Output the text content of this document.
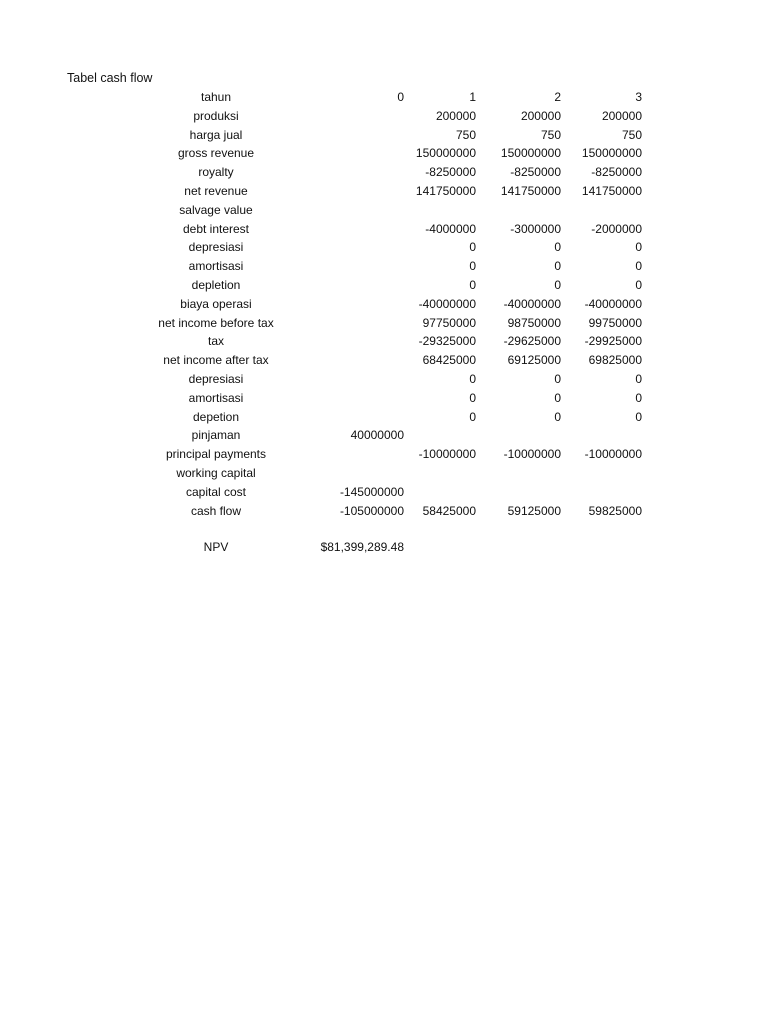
Tabel cash flow
tahun	0	1	2	3
produksi		200000	200000	200000
harga jual		750	750	750
gross revenue		150000000	150000000	150000000
royalty		-8250000	-8250000	-8250000
net revenue		141750000	141750000	141750000
salvage value				
debt interest		-4000000	-3000000	-2000000
depresiasi		0	0	0
amortisasi		0	0	0
depletion		0	0	0
biaya operasi		-40000000	-40000000	-40000000
net income before tax		97750000	98750000	99750000
tax		-29325000	-29625000	-29925000
net income after tax		68425000	69125000	69825000
depresiasi		0	0	0
amortisasi		0	0	0
depetion		0	0	0
pinjaman	40000000			
principal payments		-10000000	-10000000	-10000000
working capital				
capital cost	-145000000			
cash flow	-105000000	58425000	59125000	59825000

NPV	$81,399,289.48			
